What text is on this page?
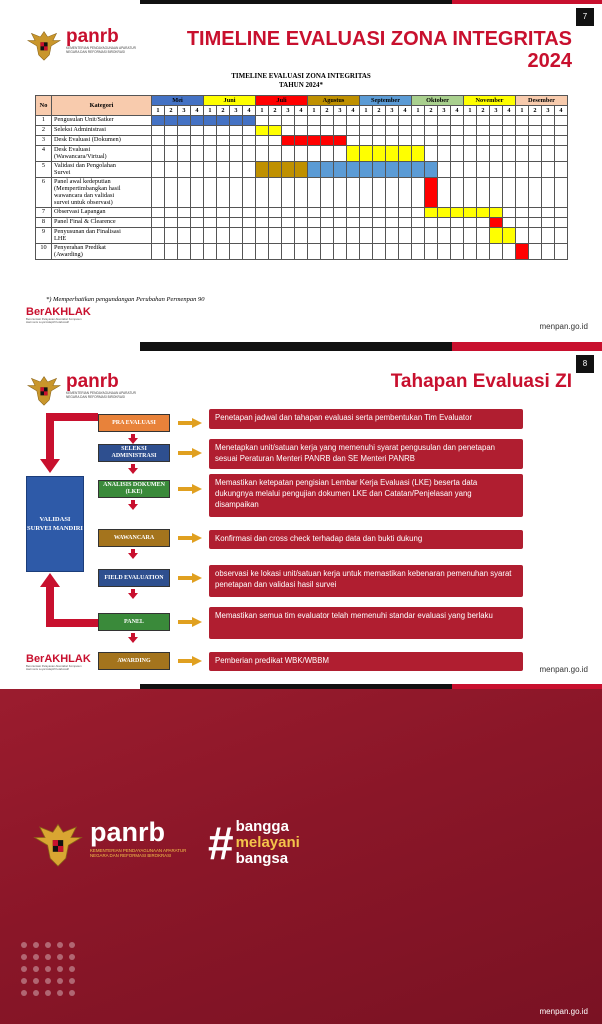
7
panrb
KEMENTERIAN PENDAYAGUNAAN APARATUR NEGARA DAN REFORMASI BIROKRASI
TIMELINE EVALUASI ZONA INTEGRITAS
2024
TIMELINE EVALUASI ZONA INTEGRITAS
TAHUN 2024*
No	Kategori	Mei				Juni				Juli				Agustus				September				Oktober				November				Desember			
		1	2	3	4	1	2	3	4	1	2	3	4	1	2	3	4	1	2	3	4	1	2	3	4	1	2	3	4	1	2	3	4
1	Pengusulan Unit/Satker																																
2	Seleksi Administrasi																																
3	Desk Evaluasi (Dokumen)																																
4	Desk Evaluasi
(Wawancara/Virtual)																																
5	Validasi dan Pengolahan
Survei																																
6	Panel awal kedeputian
(Mempertimbangkan hasil
wawancara dan validasi
survei untuk observasi)																																
7	Observasi Lapangan																																
8	Panel Final & Clearence																																
9	Penyusunan dan Finalisasi
LHE																																
10	Penyerahan Predikat
(Awarding)																																
*) Memperhatikan pengundangan Perubahan Permenpan 90
BerAKHLAK
Berorientasi Pelayanan Akuntabel Kompeten Harmonis Loyal Adaptif Kolaboratif	menpan.go.id
8
panrb
KEMENTERIAN PENDAYAGUNAAN APARATUR NEGARA DAN REFORMASI BIROKRASI
Tahapan Evaluasi ZI
VALIDASI SURVEI MANDIRI
PRA EVALUASI
Penetapan jadwal dan tahapan evaluasi serta pembentukan Tim Evaluator
SELEKSI ADMINISTRASI
Menetapkan unit/satuan kerja yang memenuhi syarat pengusulan dan penetapan sesuai Peraturan Menteri PANRB dan SE Menteri PANRB
ANALISIS DOKUMEN (LKE)
Memastikan ketepatan pengisian Lembar Kerja Evaluasi (LKE) beserta data dukungnya melalui pengujian dokumen LKE dan Catatan/Penjelasan yang disampaikan
WAWANCARA	Konfirmasi dan cross check terhadap data dan bukti dukung
FIELD EVALUATION	observasi ke lokasi unit/satuan kerja untuk memastikan kebenaran pemenuhan syarat penetapan dan validasi hasil survei
PANEL
Memastikan semua tim evaluator telah memenuhi standar evaluasi yang berlaku
AWARDING	Pemberian predikat WBK/WBBM
BerAKHLAK
Berorientasi Pelayanan Akuntabel Kompeten Harmonis Loyal Adaptif Kolaboratif	menpan.go.id
panrb
KEMENTERIAN PENDAYAGUNAAN APARATUR NEGARA DAN REFORMASI BIROKRASI # bangga
melayani
bangsa
menpan.go.id
